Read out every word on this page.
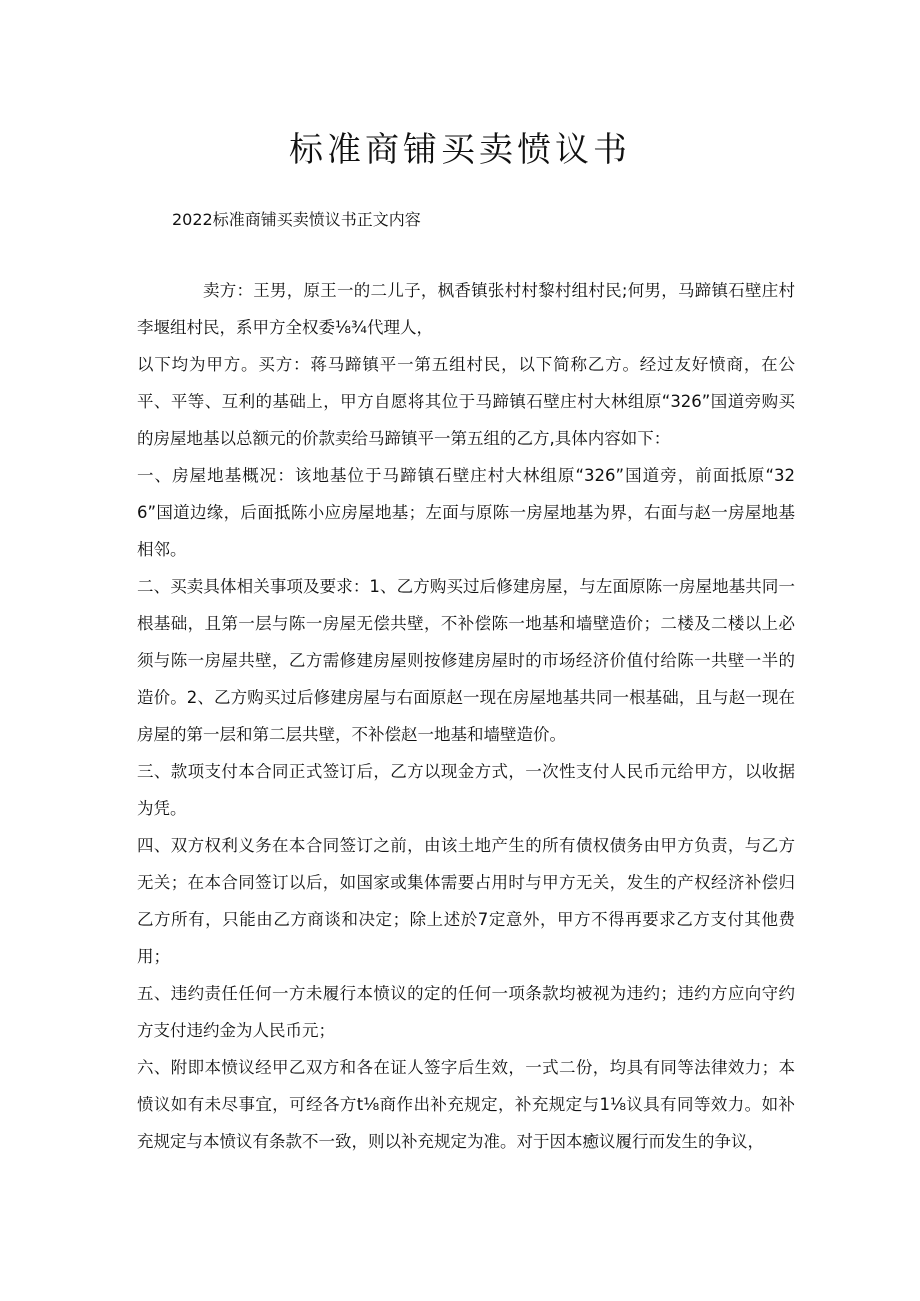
标准商铺买卖愤议书

2022标准商铺买卖愤议书正文内容

卖方：王男，原王一的二儿子，枫香镇张村村黎村组村民;何男，马蹄镇石壁庄村李堰组村民，系甲方全权委⅛¾代理人，

以下均为甲方。买方：蒋马蹄镇平一第五组村民，以下简称乙方。经过友好愤商，在公平、平等、互利的基础上，甲方自愿将其位于马蹄镇石壁庄村大林组原“326”国道旁购买的房屋地基以总额元的价款卖给马蹄镇平一第五组的乙方,具体内容如下：

一、房屋地基概况：该地基位于马蹄镇石壁庄村大林组原“326”国道旁，前面抵原“326”国道边缘，后面抵陈小应房屋地基；左面与原陈一房屋地基为界，右面与赵一房屋地基相邻。

二、买卖具体相关事项及要求：1、乙方购买过后修建房屋，与左面原陈一房屋地基共同一根基础，且第一层与陈一房屋无偿共壁，不补偿陈一地基和墙壁造价；二楼及二楼以上必须与陈一房屋共壁，乙方需修建房屋则按修建房屋时的市场经济价值付给陈一共壁一半的造价。2、乙方购买过后修建房屋与右面原赵一现在房屋地基共同一根基础，且与赵一现在房屋的第一层和第二层共壁，不补偿赵一地基和墙壁造价。

三、款项支付本合同正式签订后，乙方以现金方式，一次性支付人民币元给甲方，以收据为凭。

四、双方权利义务在本合同签订之前，由该土地产生的所有债权债务由甲方负责，与乙方无关；在本合同签订以后，如国家或集体需要占用时与甲方无关，发生的产权经济补偿归乙方所有，只能由乙方商谈和决定；除上述於7定意外，甲方不得再要求乙方支付其他费用；

五、违约责任任何一方未履行本愤议的定的任何一项条款均被视为违约；违约方应向守约方支付违约金为人民币元；

六、附即本愤议经甲乙双方和各在证人签字后生效，一式二份，均具有同等法律效力；本愤议如有未尽事宜，可经各方t⅛商作出补充规定，补充规定与1⅛议具有同等效力。如补充规定与本愤议有条款不一致，则以补充规定为准。对于因本癒议履行而发生的争议，
